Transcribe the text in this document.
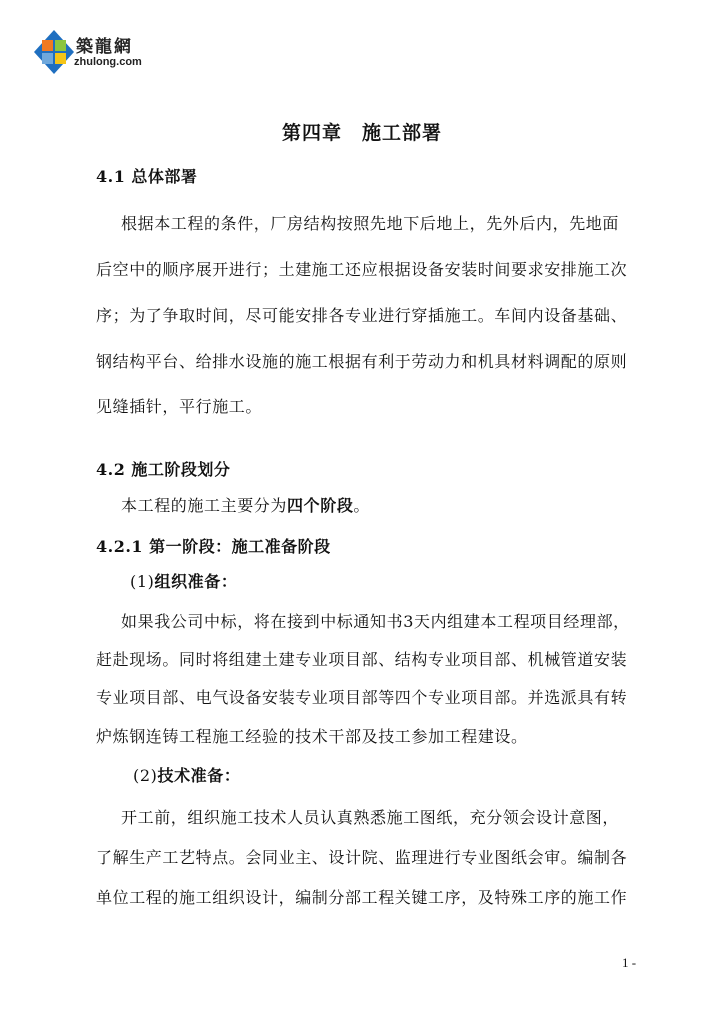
築龍網
zhulong.com
第四章　施工部署
4.1 总体部署
根据本工程的条件，厂房结构按照先地下后地上，先外后内，先地面
后空中的顺序展开进行；土建施工还应根据设备安装时间要求安排施工次
序；为了争取时间，尽可能安排各专业进行穿插施工。车间内设备基础、
钢结构平台、给排水设施的施工根据有利于劳动力和机具材料调配的原则
见缝插针，平行施工。
4.2 施工阶段划分
本工程的施工主要分为四个阶段。
4.2.1 第一阶段：施工准备阶段
(1)组织准备：
如果我公司中标，将在接到中标通知书3天内组建本工程项目经理部，
赶赴现场。同时将组建土建专业项目部、结构专业项目部、机械管道安装
专业项目部、电气设备安装专业项目部等四个专业项目部。并选派具有转
炉炼钢连铸工程施工经验的技术干部及技工参加工程建设。
(2)技术准备：
开工前，组织施工技术人员认真熟悉施工图纸，充分领会设计意图，
了解生产工艺特点。会同业主、设计院、监理进行专业图纸会审。编制各
单位工程的施工组织设计，编制分部工程关键工序，及特殊工序的施工作
1 -
